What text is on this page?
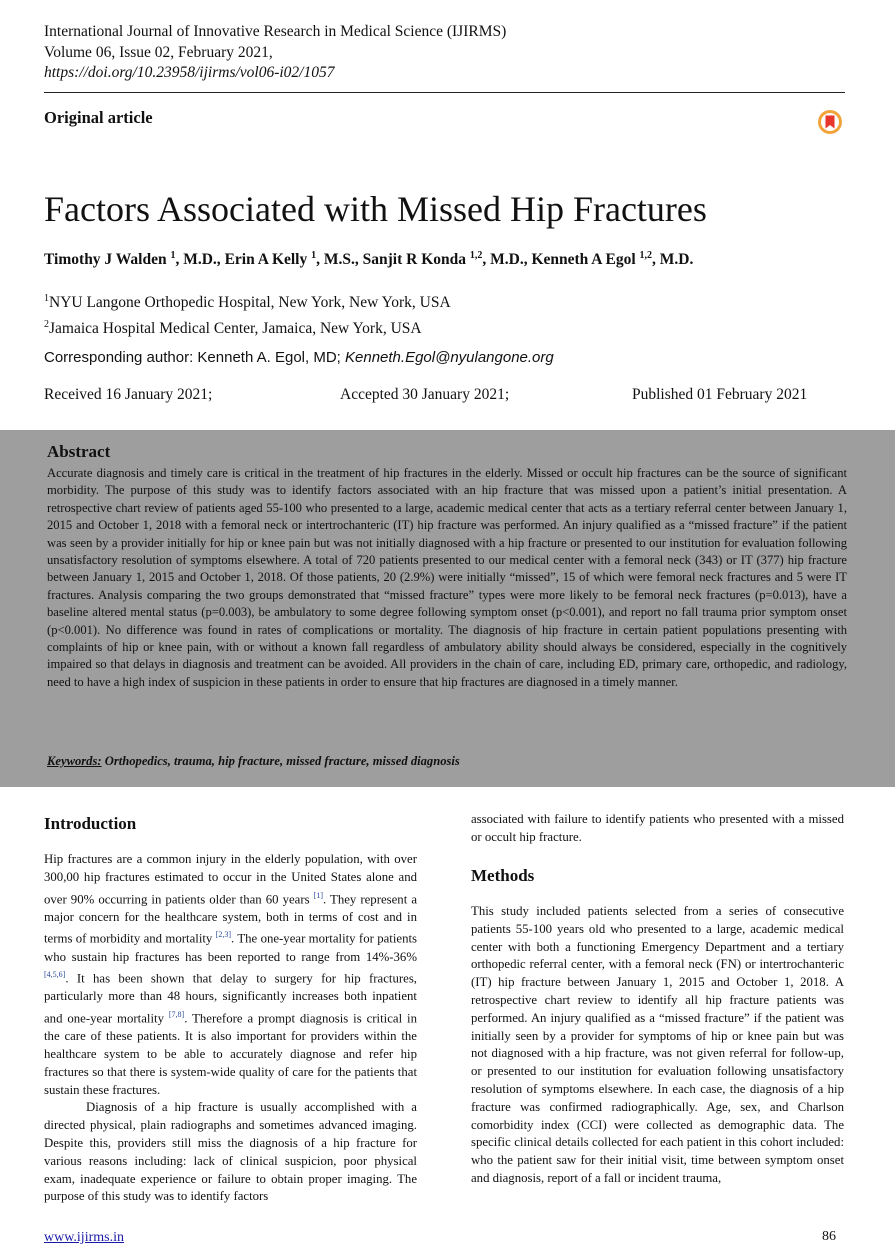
International Journal of Innovative Research in Medical Science (IJIRMS)
Volume 06, Issue 02, February 2021,
https://doi.org/10.23958/ijirms/vol06-i02/1057
Original article
Factors Associated with Missed Hip Fractures
Timothy J Walden $^1$, M.D., Erin A Kelly $^1$, M.S., Sanjit R Konda $^{1,2}$, M.D., Kenneth A Egol $^{1,2}$, M.D.
$^1$NYU Langone Orthopedic Hospital, New York, New York, USA
$^2$Jamaica Hospital Medical Center, Jamaica, New York, USA
Corresponding author: Kenneth A. Egol, MD; Kenneth.Egol@nyulangone.org
Received 16 January 2021;	Accepted 30 January 2021;	Published 01 February 2021
Abstract
Accurate diagnosis and timely care is critical in the treatment of hip fractures in the elderly. Missed or occult hip fractures can be the source of significant morbidity. The purpose of this study was to identify factors associated with an hip fracture that was missed upon a patient’s initial presentation. A retrospective chart review of patients aged 55-100 who presented to a large, academic medical center that acts as a tertiary referral center between January 1, 2015 and October 1, 2018 with a femoral neck or intertrochanteric (IT) hip fracture was performed. An injury qualified as a “missed fracture” if the patient was seen by a provider initially for hip or knee pain but was not initially diagnosed with a hip fracture or presented to our institution for evaluation following unsatisfactory resolution of symptoms elsewhere. A total of 720 patients presented to our medical center with a femoral neck (343) or IT (377) hip fracture between January 1, 2015 and October 1, 2018. Of those patients, 20 (2.9%) were initially “missed”, 15 of which were femoral neck fractures and 5 were IT fractures. Analysis comparing the two groups demonstrated that “missed fracture” types were more likely to be femoral neck fractures (p=0.013), have a baseline altered mental status (p=0.003), be ambulatory to some degree following symptom onset (p<0.001), and report no fall trauma prior symptom onset (p<0.001). No difference was found in rates of complications or mortality. The diagnosis of hip fracture in certain patient populations presenting with complaints of hip or knee pain, with or without a known fall regardless of ambulatory ability should always be considered, especially in the cognitively impaired so that delays in diagnosis and treatment can be avoided. All providers in the chain of care, including ED, primary care, orthopedic, and radiology, need to have a high index of suspicion in these patients in order to ensure that hip fractures are diagnosed in a timely manner.
Keywords: Orthopedics, trauma, hip fracture, missed fracture, missed diagnosis
Introduction

Hip fractures are a common injury in the elderly population, with over 300,00 hip fractures estimated to occur in the United States alone and over 90% occurring in patients older than 60 years [1]. They represent a major concern for the healthcare system, both in terms of cost and in terms of morbidity and mortality [2,3]. The one-year mortality for patients who sustain hip fractures has been reported to range from 14%-36% [4,5,6]. It has been shown that delay to surgery for hip fractures, particularly more than 48 hours, significantly increases both inpatient and one-year mortality [7,8]. Therefore a prompt diagnosis is critical in the care of these patients. It is also important for providers within the healthcare system to be able to accurately diagnose and refer hip fractures so that there is system-wide quality of care for the patients that sustain these fractures.

Diagnosis of a hip fracture is usually accomplished with a directed physical, plain radiographs and sometimes advanced imaging. Despite this, providers still miss the diagnosis of a hip fracture for various reasons including: lack of clinical suspicion, poor physical exam, inadequate experience or failure to obtain proper imaging. The purpose of this study was to identify factors

associated with failure to identify patients who presented with a missed or occult hip fracture.
Methods
This study included patients selected from a series of consecutive patients 55-100 years old who presented to a large, academic medical center with both a functioning Emergency Department and a tertiary orthopedic referral center, with a femoral neck (FN) or intertrochanteric (IT) hip fracture between January 1, 2015 and October 1, 2018. A retrospective chart review to identify all hip fracture patients was performed. An injury qualified as a “missed fracture” if the patient was initially seen by a provider for symptoms of hip or knee pain but was not diagnosed with a hip fracture, was not given referral for follow-up, or presented to our institution for evaluation following unsatisfactory resolution of symptoms elsewhere. In each case, the diagnosis of a hip fracture was confirmed radiographically. Age, sex, and Charlson comorbidity index (CCI) were collected as demographic data. The specific clinical details collected for each patient in this cohort included: who the patient saw for their initial visit, time between symptom onset and diagnosis, report of a fall or incident trauma,
www.ijirms.in	86
